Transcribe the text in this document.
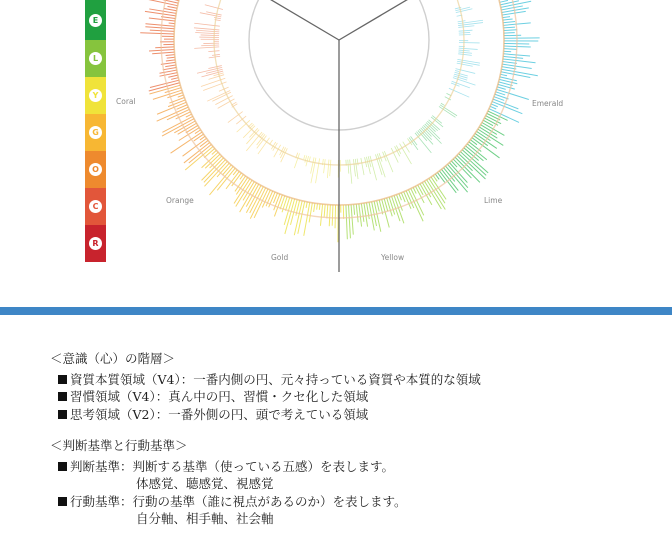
E
L
Y
G
O
C
R
Coral	Emerald
Orange	Lime
Gold	Yellow
＜意識（心）の階層＞
資質本質領域（V4）：一番内側の円、元々持っている資質や本質的な領域
習慣領域（V4）：真ん中の円、習慣・クセ化した領域
思考領域（V2）：一番外側の円、頭で考えている領域
＜判断基準と行動基準＞
判断基準：判断する基準（使っている五感）を表します。
体感覚、聴感覚、視感覚
行動基準：行動の基準（誰に視点があるのか）を表します。
自分軸、相手軸、社会軸
